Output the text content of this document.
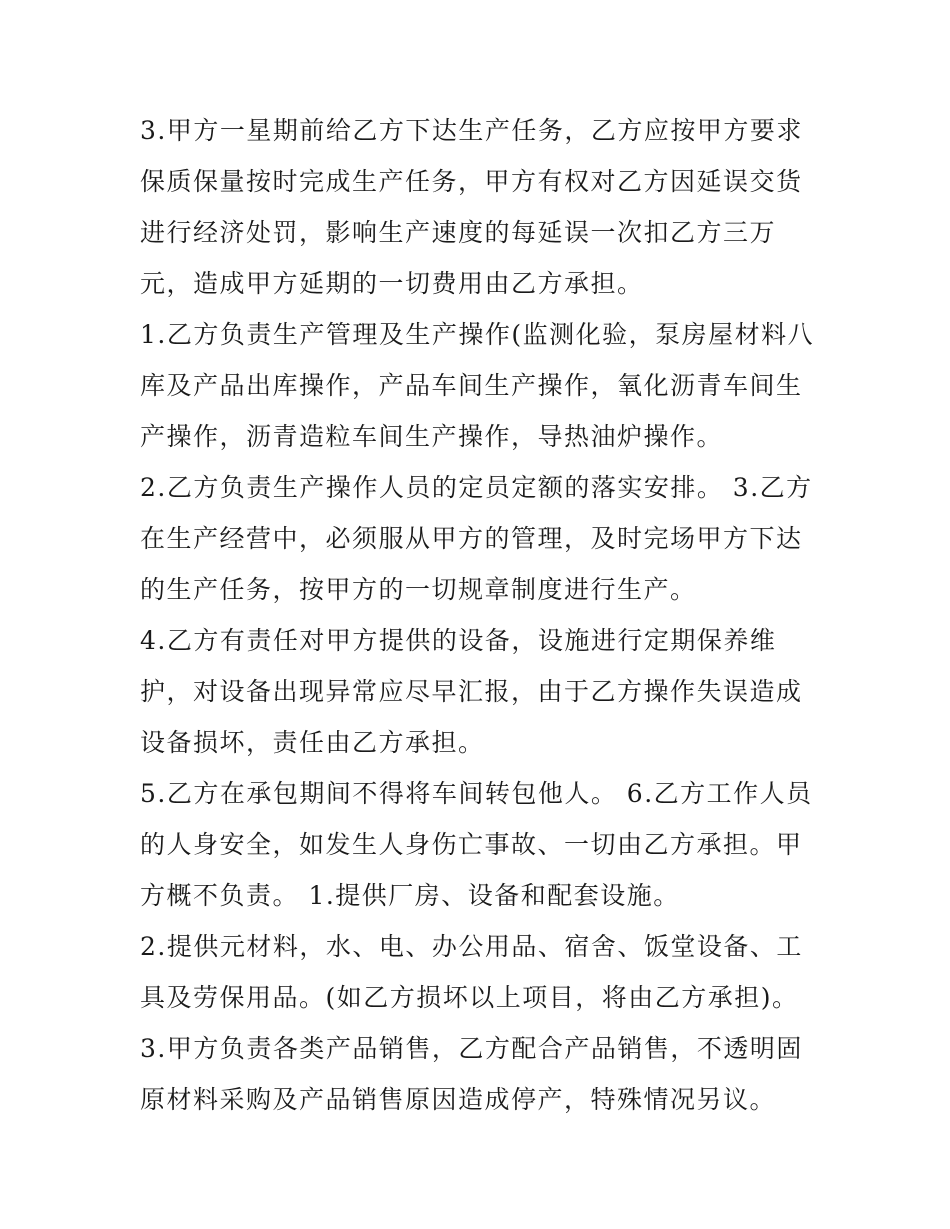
3.甲方一星期前给乙方下达生产任务，乙方应按甲方要求保质保量按时完成生产任务，甲方有权对乙方因延误交货进行经济处罚，影响生产速度的每延误一次扣乙方三万元，造成甲方延期的一切费用由乙方承担。

1.乙方负责生产管理及生产操作(监测化验，泵房屋材料八库及产品出库操作，产品车间生产操作，氧化沥青车间生产操作，沥青造粒车间生产操作，导热油炉操作。

2.乙方负责生产操作人员的定员定额的落实安排。 3.乙方在生产经营中，必须服从甲方的管理，及时完场甲方下达的生产任务，按甲方的一切规章制度进行生产。

4.乙方有责任对甲方提供的设备，设施进行定期保养维护，对设备出现异常应尽早汇报，由于乙方操作失误造成设备损坏，责任由乙方承担。

5.乙方在承包期间不得将车间转包他人。 6.乙方工作人员的人身安全，如发生人身伤亡事故、一切由乙方承担。甲方概不负责。 1.提供厂房、设备和配套设施。

2.提供元材料，水、电、办公用品、宿舍、饭堂设备、工具及劳保用品。(如乙方损坏以上项目，将由乙方承担)。

3.甲方负责各类产品销售，乙方配合产品销售，不透明固原材料采购及产品销售原因造成停产，特殊情况另议。
